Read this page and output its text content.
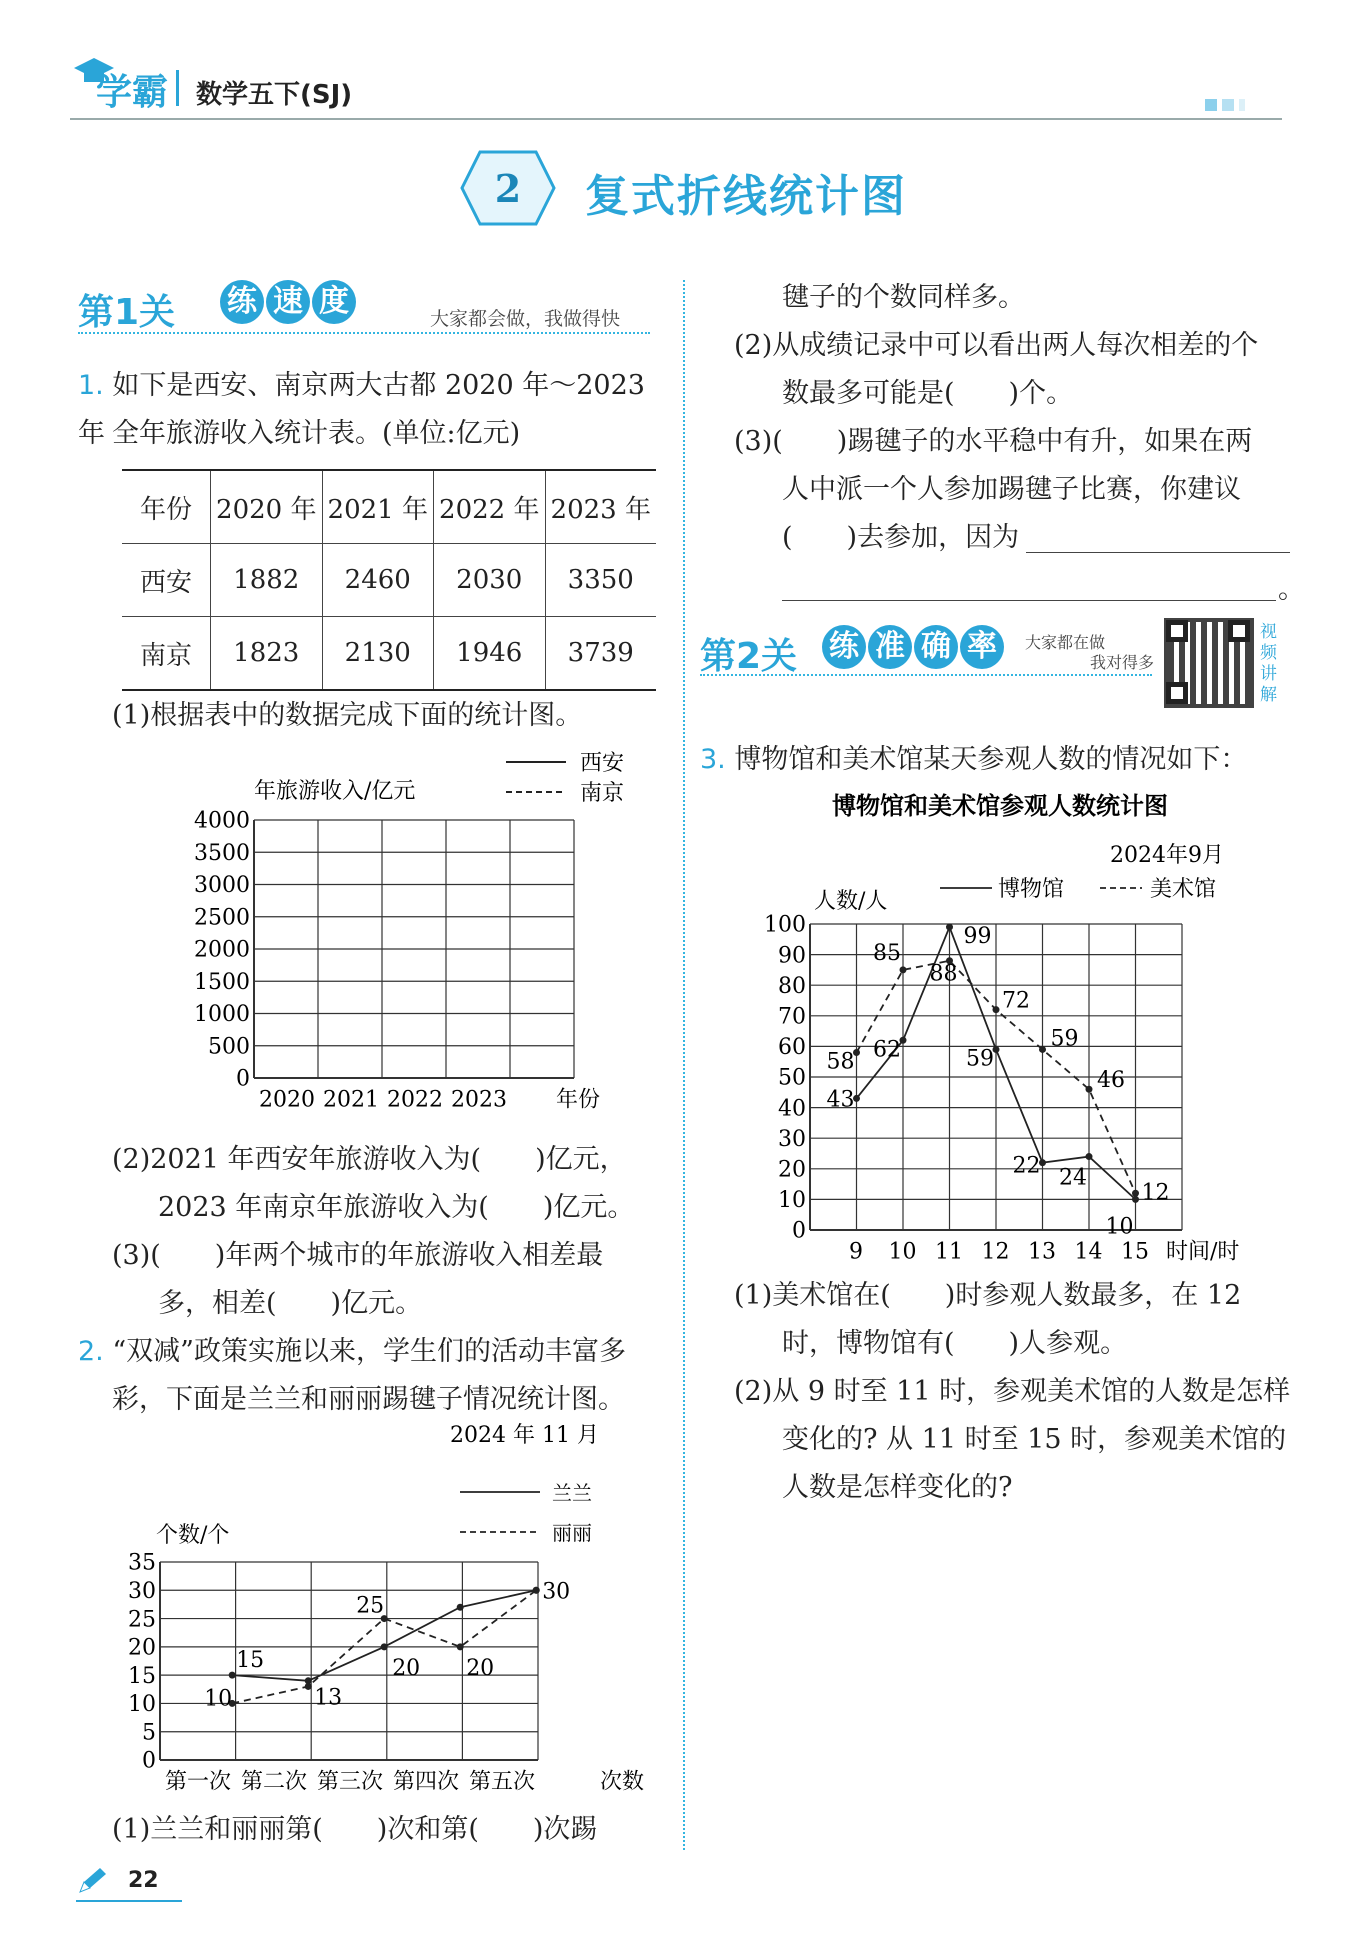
学霸 数学五下(SJ)

2 复式折线统计图
第1关 练 速 度	大家都会做，我做得快
1. 如下是西安、南京两大古都 2020 年～2023 年 全年旅游收入统计表。(单位:亿元)
年份	2020 年	2021 年	2022 年	2023 年
西安	1882	2460	2030	3350
南京	1823	2130	1946	3739
(1)根据表中的数据完成下面的统计图。
4000
3500
3000
2500
2000
1500
1000
500
0
年旅游收入/亿元
2020 2021 2022 2023 年份
西安
南京
(2)2021 年西安年旅游收入为(　　)亿元，
2023 年南京年旅游收入为(　　)亿元。
(3)(　　)年两个城市的年旅游收入相差最
多，相差(　　)亿元。
2. “双减”政策实施以来，学生们的活动丰富多
彩，下面是兰兰和丽丽踢毽子情况统计图。
35
30
25
20
15
10
5
0
个数/个
第一次 第二次 第三次 第四次 第五次	次数
15	20
10	13
25
20
30
2024 年 11 月
兰兰
丽丽
(1)兰兰和丽丽第(　　)次和第(　　)次踢
毽子的个数同样多。
(2)从成绩记录中可以看出两人每次相差的个
数最多可能是(　　)个。
(3)(　　)踢毽子的水平稳中有升，如果在两
人中派一个人参加踢毽子比赛，你建议
(　　)去参加，因为
。
第2关 练 准 确 率	大家都在做
我对得多
视
频
讲
解
3. 博物馆和美术馆某天参观人数的情况如下：
100
90
80
70
60
50
40
30
20
10
0
人数/人
9 10 11 12 13 14 15 时间/时
43
62
99
59
22 24
10
58
85
88
72
59
46
12
博物馆和美术馆参观人数统计图
2024年9月
博物馆	美术馆
(1)美术馆在(　　)时参观人数最多，在 12
时，博物馆有(　　)人参观。
(2)从 9 时至 11 时，参观美术馆的人数是怎样
变化的? 从 11 时至 15 时，参观美术馆的
人数是怎样变化的?
22
